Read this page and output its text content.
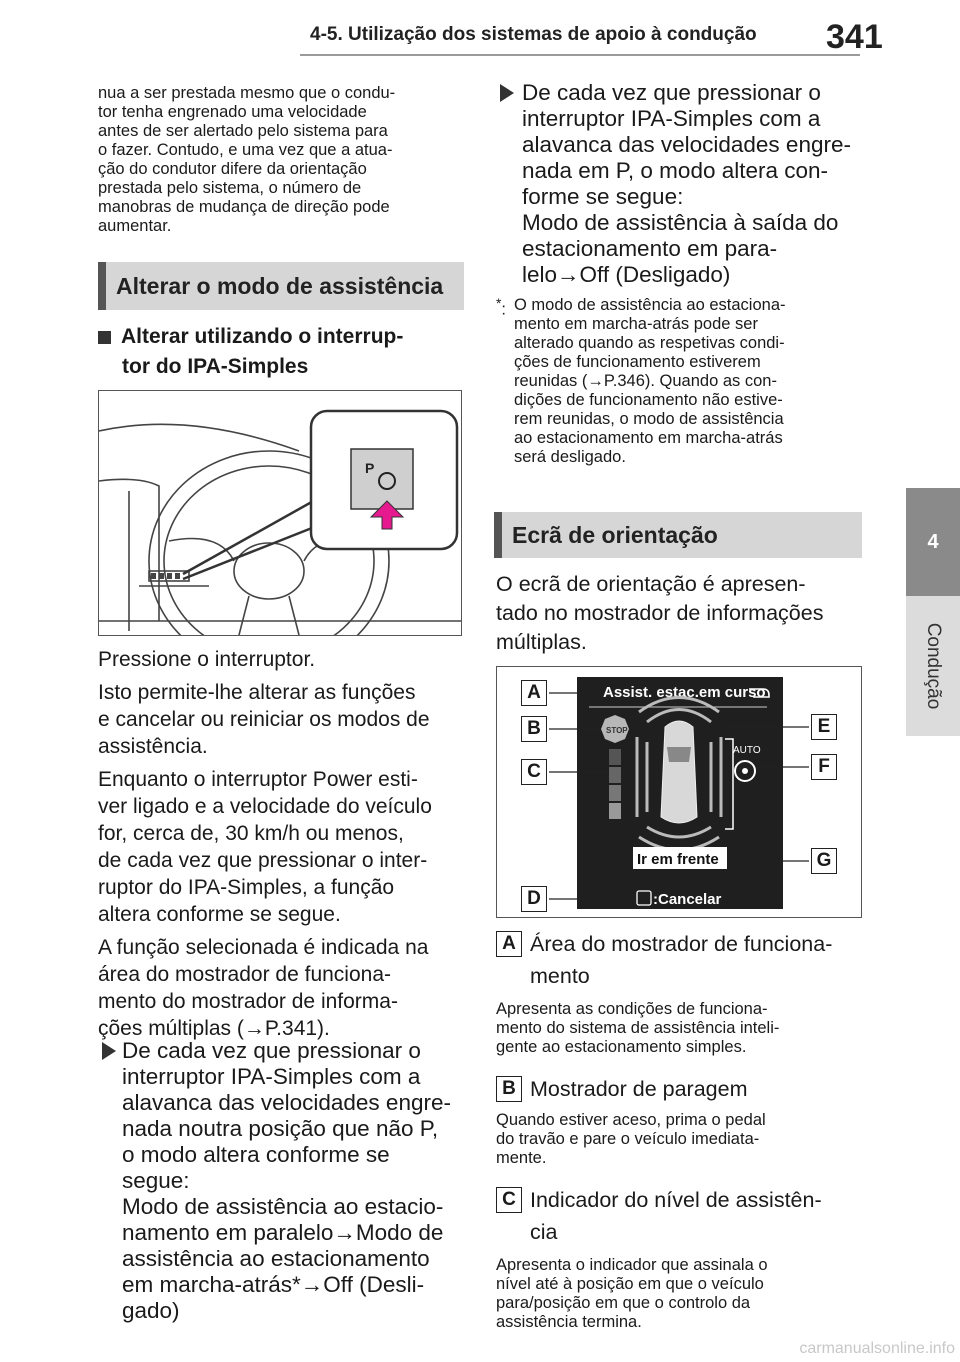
4-5. Utilização dos sistemas de apoio à condução	341
4
Condução
nua a ser prestada mesmo que o condu-
tor tenha engrenado uma velocidade
antes de ser alertado pelo sistema para
o fazer. Contudo, e uma vez que a atua-
ção do condutor difere da orientação
prestada pelo sistema, o número de
manobras de mudança de direção pode
aumentar.
Alterar o modo de assistência
Alterar utilizando o interrup-
tor do IPA-Simples
P
Pressione o interruptor.
Isto permite-lhe alterar as funções
e cancelar ou reiniciar os modos de
assistência.
Enquanto o interruptor Power esti-
ver ligado e a velocidade do veículo
for, cerca de, 30 km/h ou menos,
de cada vez que pressionar o inter-
ruptor do IPA-Simples, a função
altera conforme se segue.
A função selecionada é indicada na
área do mostrador de funciona-
mento do mostrador de informa-
ções múltiplas (→P.341).
De cada vez que pressionar o
interruptor IPA-Simples com a
alavanca das velocidades engre-
nada noutra posição que não P,
o modo altera conforme se
segue:
Modo de assistência ao estacio-
namento em paralelo→Modo de
assistência ao estacionamento
em marcha-atrás*→Off (Desli-
gado)
De cada vez que pressionar o
interruptor IPA-Simples com a
alavanca das velocidades engre-
nada em P, o modo altera con-
forme se segue:
Modo de assistência à saída do
estacionamento em para-
lelo→Off (Desligado)
*: O modo de assistência ao estaciona-
mento em marcha-atrás pode ser
alterado quando as respetivas condi-
ções de funcionamento estiverem
reunidas (→P.346). Quando as con-
dições de funcionamento não estive-
rem reunidas, o modo de assistência
ao estacionamento em marcha-atrás
será desligado.
Ecrã de orientação
O ecrã de orientação é apresen-
tado no mostrador de informações
múltiplas.
Assist. estac.em curso
STOP
AUTO
Ir em frente
:Cancelar
A
B
C
D
E
F
G
A Área do mostrador de funciona-
mento
Apresenta as condições de funciona-
mento do sistema de assistência inteli-
gente ao estacionamento simples.
B Mostrador de paragem
Quando estiver aceso, prima o pedal
do travão e pare o veículo imediata-
mente.
C Indicador do nível de assistên-
cia
Apresenta o indicador que assinala o
nível até à posição em que o veículo
para/posição em que o controlo da
assistência termina.
carmanualsonline.info
